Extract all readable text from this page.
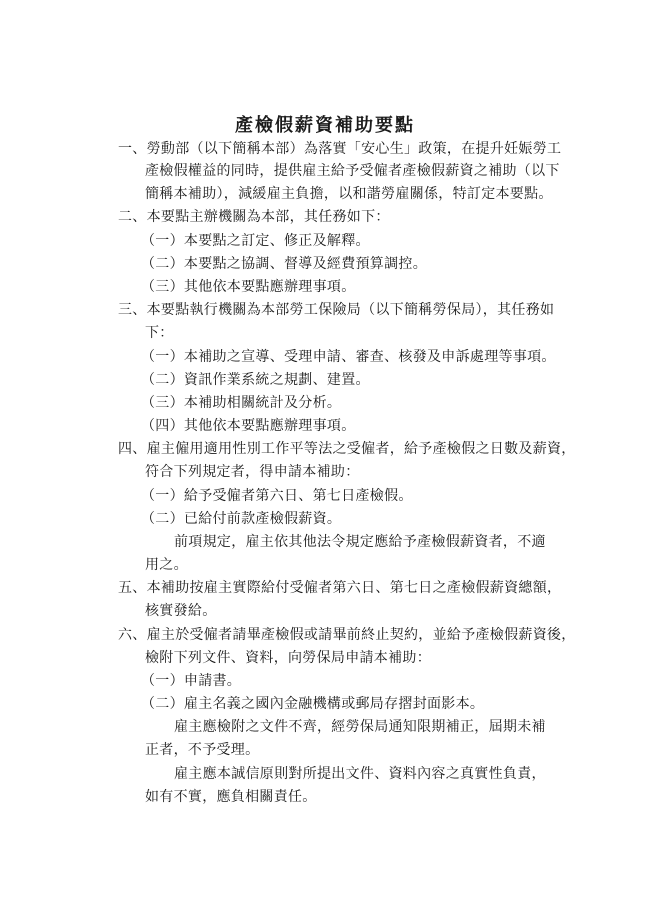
產檢假薪資補助要點
一、勞動部（以下簡稱本部）為落實「安心生」政策，在提升妊娠勞工
產檢假權益的同時，提供雇主給予受僱者產檢假薪資之補助（以下
簡稱本補助），減緩雇主負擔，以和諧勞雇關係，特訂定本要點。
二、本要點主辦機關為本部，其任務如下：
（一）本要點之訂定、修正及解釋。
（二）本要點之協調、督導及經費預算調控。
（三）其他依本要點應辦理事項。
三、本要點執行機關為本部勞工保險局（以下簡稱勞保局），其任務如
下：
（一）本補助之宣導、受理申請、審查、核發及申訴處理等事項。
（二）資訊作業系統之規劃、建置。
（三）本補助相關統計及分析。
（四）其他依本要點應辦理事項。
四、雇主僱用適用性別工作平等法之受僱者，給予產檢假之日數及薪資，
符合下列規定者，得申請本補助：
（一）給予受僱者第六日、第七日產檢假。
（二）已給付前款產檢假薪資。
前項規定，雇主依其他法令規定應給予產檢假薪資者，不適
用之。
五、本補助按雇主實際給付受僱者第六日、第七日之產檢假薪資總額，
核實發給。
六、雇主於受僱者請畢產檢假或請畢前終止契約，並給予產檢假薪資後，
檢附下列文件、資料，向勞保局申請本補助：
（一）申請書。
（二）雇主名義之國內金融機構或郵局存摺封面影本。
雇主應檢附之文件不齊，經勞保局通知限期補正，屆期未補
正者，不予受理。
雇主應本誠信原則對所提出文件、資料內容之真實性負責，
如有不實，應負相關責任。
